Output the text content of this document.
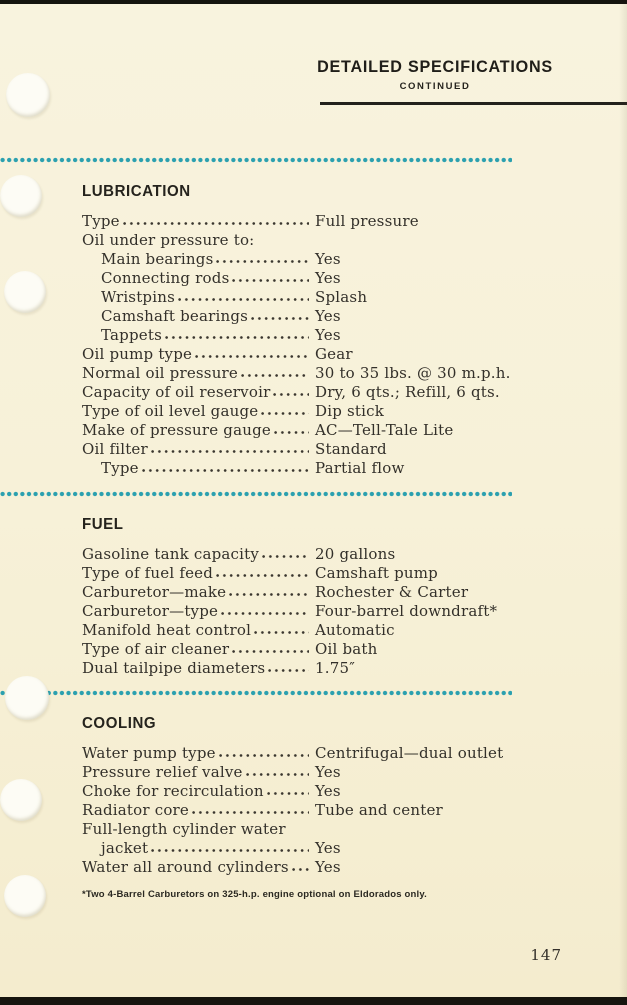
DETAILED SPECIFICATIONS
CONTINUED
LUBRICATION
Type	Full pressure
Oil under pressure to:
Main bearings	Yes
Connecting rods	Yes
Wristpins	Splash
Camshaft bearings	Yes
Tappets	Yes
Oil pump type	Gear
Normal oil pressure	30 to 35 lbs. @ 30 m.p.h.
Capacity of oil reservoir	Dry, 6 qts.; Refill, 6 qts.
Type of oil level gauge	Dip stick
Make of pressure gauge	AC—Tell-Tale Lite
Oil filter	Standard
Type	Partial flow
FUEL
Gasoline tank capacity	20 gallons
Type of fuel feed	Camshaft pump
Carburetor—make	Rochester & Carter
Carburetor—type	Four-barrel downdraft*
Manifold heat control	Automatic
Type of air cleaner	Oil bath
Dual tailpipe diameters	1.75″
COOLING
Water pump type	Centrifugal—dual outlet
Pressure relief valve	Yes
Choke for recirculation	Yes
Radiator core	Tube and center
Full-length cylinder water
jacket	Yes
Water all around cylinders Yes
*Two 4-Barrel Carburetors on 325-h.p. engine optional on Eldorados only.
147
